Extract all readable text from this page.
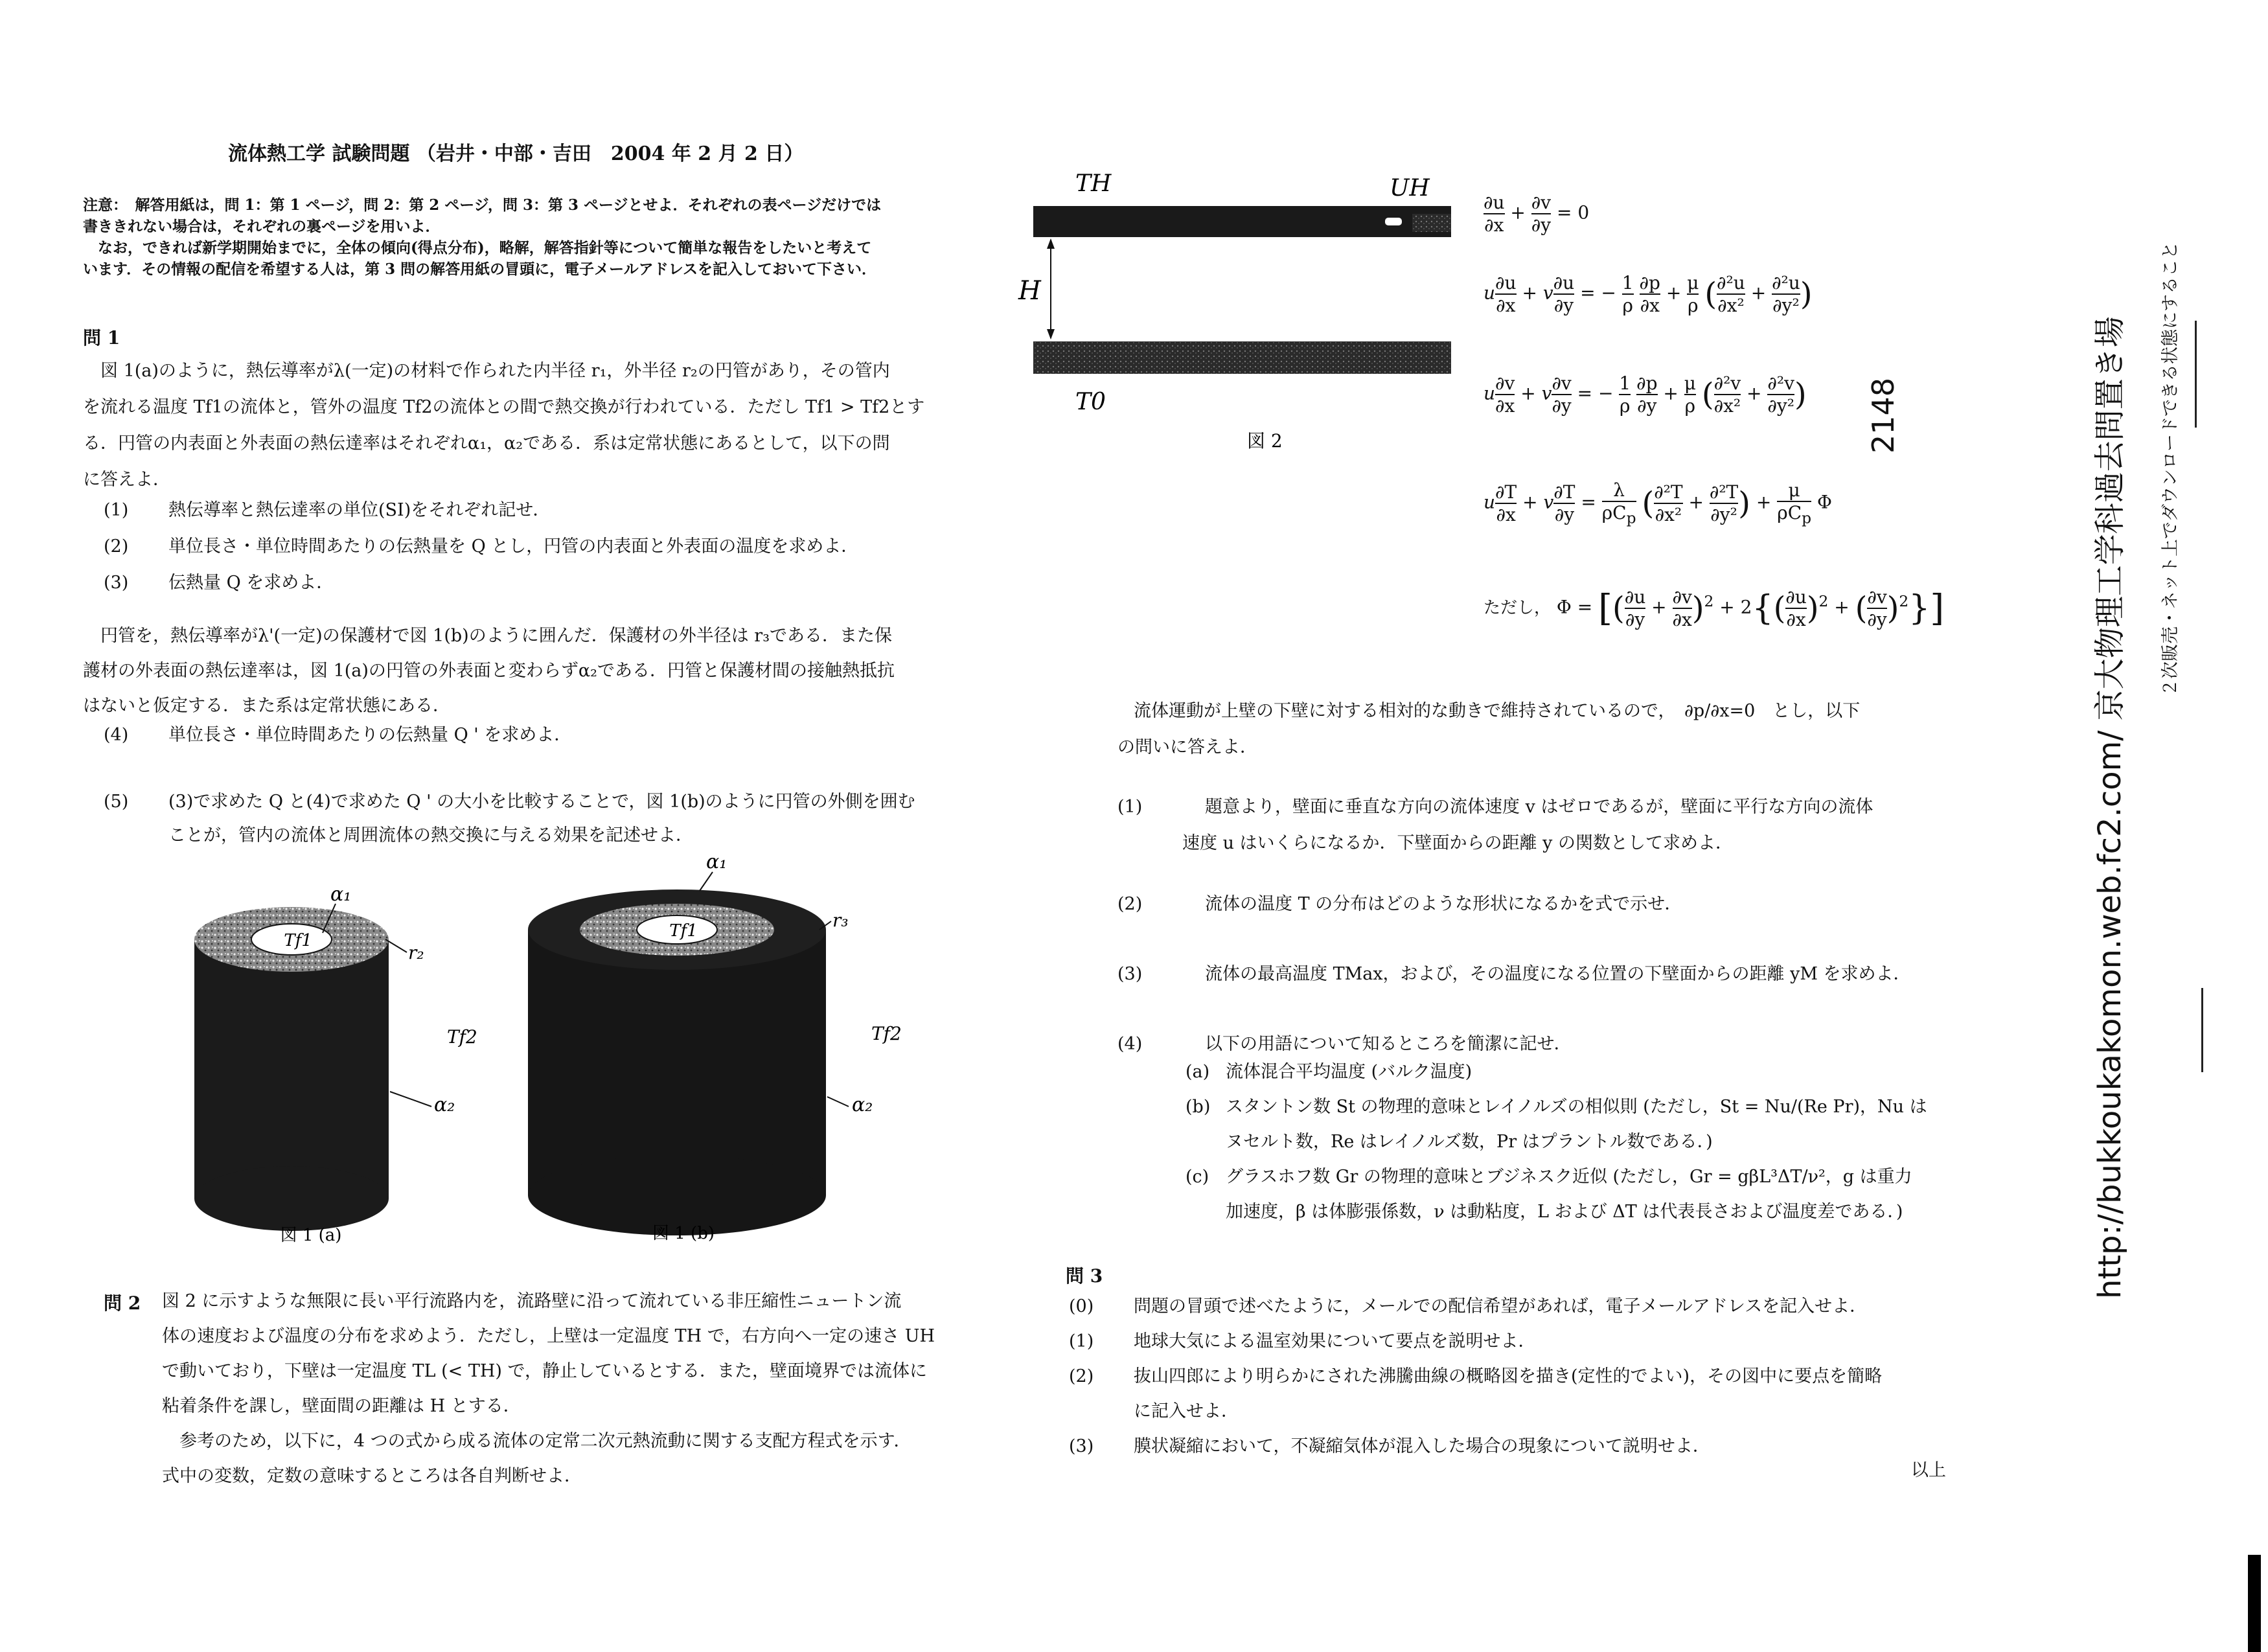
流体熱工学 試験問題 （岩井・中部・吉田　2004 年 2 月 2 日）
注意：　解答用紙は，問 1：第 1 ページ，問 2：第 2 ページ，問 3：第 3 ページとせよ．それぞれの表ページだけでは
書ききれない場合は，それぞれの裏ページを用いよ．
　なお，できれば新学期開始までに，全体の傾向(得点分布)，略解，解答指針等について簡単な報告をしたいと考えて
います．その情報の配信を希望する人は，第 3 問の解答用紙の冒頭に，電子メールアドレスを記入しておいて下さい．
問 1
　図 1(a)のように，熱伝導率がλ(一定)の材料で作られた内半径 r₁，外半径 r₂の円管があり，その管内
を流れる温度 Tf1の流体と，管外の温度 Tf2の流体との間で熱交換が行われている．ただし Tf1 > Tf2とす
る．円管の内表面と外表面の熱伝達率はそれぞれα₁，α₂である．系は定常状態にあるとして，以下の問
に答えよ．
(1) 熱伝導率と熱伝達率の単位(SI)をそれぞれ記せ．
(2) 単位長さ・単位時間あたりの伝熱量を Q とし，円管の内表面と外表面の温度を求めよ．
(3) 伝熱量 Q を求めよ．
　円管を，熱伝導率がλ'(一定)の保護材で図 1(b)のように囲んだ．保護材の外半径は r₃である．また保
護材の外表面の熱伝達率は，図 1(a)の円管の外表面と変わらずα₂である．円管と保護材間の接触熱抵抗
はないと仮定する．また系は定常状態にある．
(4) 単位長さ・単位時間あたりの伝熱量 Q ' を求めよ．
(5) (3)で求めた Q と(4)で求めた Q ' の大小を比較することで，図 1(b)のように円管の外側を囲む
ことが，管内の流体と周囲流体の熱交換に与える効果を記述せよ．
Tf1
α₁
r₂
Tf2
α₂
図 1 (a)
Tf1
α₁
r₃
Tf2
α₂
図 1 (b)
問 2 図 2 に示すような無限に長い平行流路内を，流路壁に沿って流れている非圧縮性ニュートン流
体の速度および温度の分布を求めよう．ただし，上壁は一定温度 TH で，右方向へ一定の速さ UH
で動いており，下壁は一定温度 TL (< TH) で，静止しているとする．また，壁面境界では流体に
粘着条件を課し，壁面間の距離は H とする．
　参考のため，以下に，4 つの式から成る流体の定常二次元熱流動に関する支配方程式を示す．
式中の変数，定数の意味するところは各自判断せよ．
TH	UH
H
T0
図 2
$\frac{\partial u}{\partial x} + \frac{\partial v}{\partial y} = 0$
u $\frac{\partial u}{\partial x} + v \frac{\partial u}{\partial y}$ = − $\frac{1}{\rho} \frac{\partial p}{\partial x} + \frac{\mu}{\rho}$ ( $\frac{\text{∂²u}}{\text{∂x²}} + \frac{\text{∂²u}}{\text{∂y²}}$)
u $\frac{\partial v}{\partial x} + v \frac{\partial v}{\partial y}$ = − $\frac{1}{\rho} \frac{\partial p}{\partial y} + \frac{\mu}{\rho}$ ( $\frac{\text{∂²v}}{\text{∂x²}} + \frac{\text{∂²v}}{\text{∂y²}}$)
u $\frac{\partial T}{\partial x} + v \frac{\partial T}{\partial y}$ =
λ
$\rho C_p$ ( $\frac{\text{∂²T}}{\text{∂x²}} + \frac{\text{∂²T}}{\text{∂y²}}$) +
μ
$\rho C_p$ Φ
ただし， Φ = [( $\frac{\partial u}{\partial y} + \frac{\partial v}{\partial x})^2 + 2\{( \frac{\partial u}{\partial x})^2$ + ( $\frac{\partial v}{\partial y})^2$}]
2148
流体運動が上壁の下壁に対する相対的な動きで維持されているので，　∂p/∂x=0　とし，以下
の問いに答えよ．
(1)	題意より，壁面に垂直な方向の流体速度 v はゼロであるが，壁面に平行な方向の流体
速度 u はいくらになるか．下壁面からの距離 y の関数として求めよ．
(2)	流体の温度 T の分布はどのような形状になるかを式で示せ．
(3)	流体の最高温度 TMax，および，その温度になる位置の下壁面からの距離 yM を求めよ．
(4)	以下の用語について知るところを簡潔に記せ．
(a) 流体混合平均温度 (バルク温度)
(b) スタントン数 St の物理的意味とレイノルズの相似則 (ただし，St = Nu/(Re Pr)，Nu は
ヌセルト数，Re はレイノルズ数，Pr はプラントル数である．)
(c) グラスホフ数 Gr の物理的意味とブジネスク近似 (ただし，Gr = gβL³ΔT/ν²，g は重力
加速度，β は体膨張係数，ν は動粘度，L および ΔT は代表長さおよび温度差である．)
問 3
(0) 問題の冒頭で述べたように，メールでの配信希望があれば，電子メールアドレスを記入せよ．
(1) 地球大気による温室効果について要点を説明せよ．
(2) 抜山四郎により明らかにされた沸騰曲線の概略図を描き(定性的でよい)，その図中に要点を簡略
に記入せよ．
(3) 膜状凝縮において，不凝縮気体が混入した場合の現象について説明せよ．
以上
http://bukkoukakomon.web.fc2.com/ 京大物理工学科過去問置き場 ２次販売・ネット上でダウンロードできる状態にすること
